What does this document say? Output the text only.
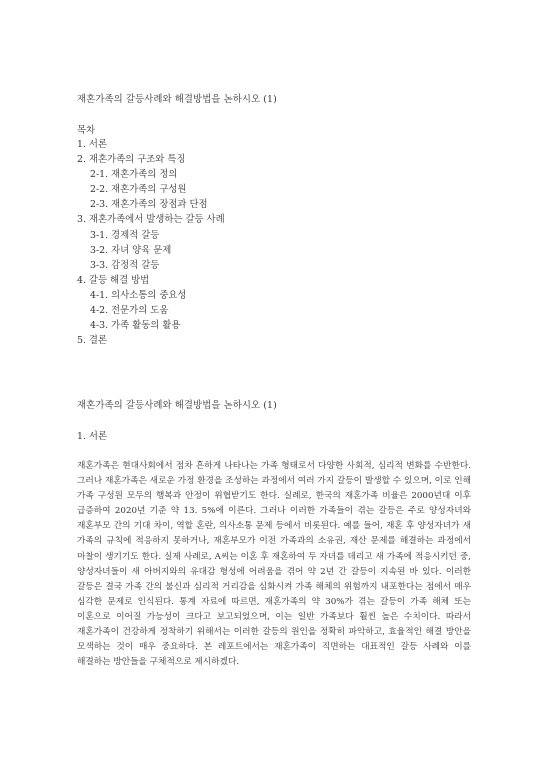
재혼가족의 갈등사례와 해결방법을 논하시오 (1)
목차
1. 서론
2. 재혼가족의 구조와 특징
2-1. 재혼가족의 정의
2-2. 재혼가족의 구성원
2-3. 재혼가족의 장점과 단점
3. 재혼가족에서 발생하는 갈등 사례
3-1. 경제적 갈등
3-2. 자녀 양육 문제
3-3. 감정적 갈등
4. 갈등 해결 방법
4-1. 의사소통의 중요성
4-2. 전문가의 도움
4-3. 가족 활동의 활용
5. 결론
재혼가족의 갈등사례와 해결방법을 논하시오 (1)
1. 서론

재혼가족은 현대사회에서 점차 흔하게 나타나는 가족 형태로서 다양한 사회적, 심리적 변화를 수반한다. 그러나 재혼가족은 새로운 가정 환경을 조성하는 과정에서 여러 가지 갈등이 발생할 수 있으며, 이로 인해 가족 구성원 모두의 행복과 안정이 위협받기도 한다. 실례로, 한국의 재혼가족 비율은 2000년대 이후 급증하여 2020년 기준 약 13. 5%에 이른다. 그러나 이러한 가족들이 겪는 갈등은 주로 양성자녀와 재혼부모 간의 기대 차이, 역할 혼란, 의사소통 문제 등에서 비롯된다. 예를 들어, 재혼 후 양성자녀가 새 가족의 규칙에 적응하지 못하거나, 재혼부모가 이전 가족과의 소유권, 재산 문제를 해결하는 과정에서 마찰이 생기기도 한다. 실제 사례로, A씨는 이혼 후 재혼하여 두 자녀를 데리고 새 가족에 적응시키던 중, 양성자녀들이 새 아버지와의 유대감 형성에 어려움을 겪어 약 2년 간 갈등이 지속된 바 있다. 이러한 갈등은 결국 가족 간의 불신과 심리적 거리감을 심화시켜 가족 해체의 위험까지 내포한다는 점에서 매우 심각한 문제로 인식된다. 통계 자료에 따르면, 재혼가족의 약 30%가 겪는 갈등이 가족 해체 또는 이혼으로 이어질 가능성이 크다고 보고되었으며, 이는 일반 가족보다 훨씬 높은 수치이다. 따라서 재혼가족이 건강하게 정착하기 위해서는 이러한 갈등의 원인을 정확히 파악하고, 효율적인 해결 방안을 모색하는 것이 매우 중요하다. 본 레포트에서는 재혼가족이 직면하는 대표적인 갈등 사례와 이를 해결하는 방안들을 구체적으로 제시하겠다.
